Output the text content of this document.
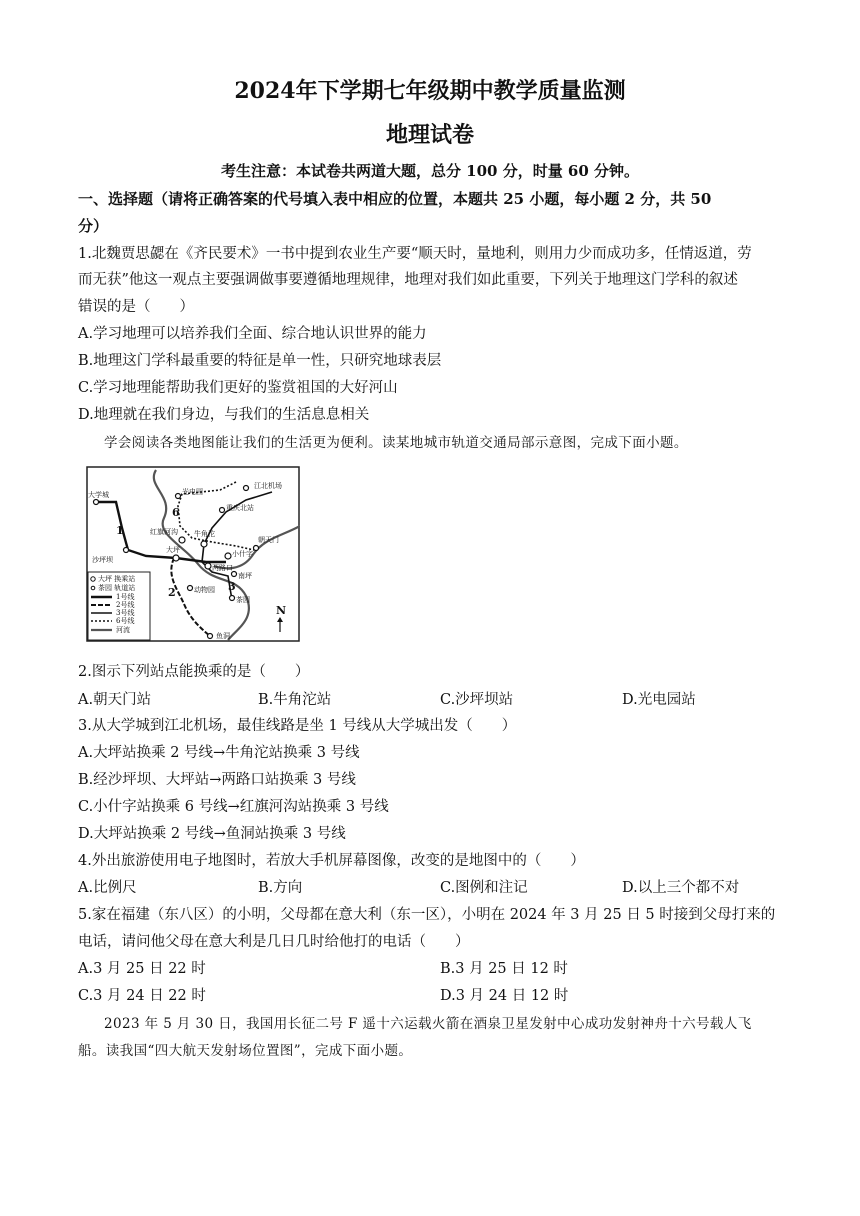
2024年下学期七年级期中教学质量监测
地理试卷
考生注意：本试卷共两道大题，总分 100 分，时量 60 分钟。
一、选择题（请将正确答案的代号填入表中相应的位置，本题共 25 小题，每小题 2 分，共 50
分）
1.北魏贾思勰在《齐民要术》一书中提到农业生产要“顺天时，量地利，则用力少而成功多，任情返道，劳
而无获”他这一观点主要强调做事要遵循地理规律，地理对我们如此重要，下列关于地理这门学科的叙述
错误的是（　　）
A.学习地理可以培养我们全面、综合地认识世界的能力
B.地理这门学科最重要的特征是单一性，只研究地球表层
C.学习地理能帮助我们更好的鉴赏祖国的大好河山
D.地理就在我们身边，与我们的生活息息相关
学会阅读各类地图能让我们的生活更为便利。读某地城市轨道交通局部示意图，完成下面小题。
大学城	光电园
江北机场
重庆北站
红旗河沟 牛角沱
朝天门
小什字
沙坪坝
大坪
两路口
南坪
茶园
动物园
鱼洞
1
6
3
2
大坪 换乘站
茶园 轨道站
1号线
2号线
3号线
6号线
河流
N
2.图示下列站点能换乘的是（　　）
A.朝天门站	B.牛角沱站	C.沙坪坝站	D.光电园站
3.从大学城到江北机场，最佳线路是坐 1 号线从大学城出发（　　）
A.大坪站换乘 2 号线→牛角沱站换乘 3 号线
B.经沙坪坝、大坪站→两路口站换乘 3 号线
C.小什字站换乘 6 号线→红旗河沟站换乘 3 号线
D.大坪站换乘 2 号线→鱼洞站换乘 3 号线
4.外出旅游使用电子地图时，若放大手机屏幕图像，改变的是地图中的（　　）
A.比例尺	B.方向	C.图例和注记	D.以上三个都不对
5.家在福建（东八区）的小明，父母都在意大利（东一区），小明在 2024 年 3 月 25 日 5 时接到父母打来的
电话，请问他父母在意大利是几日几时给他打的电话（　　）
A.3 月 25 日 22 时	B.3 月 25 日 12 时
C.3 月 24 日 22 时	D.3 月 24 日 12 时
2023 年 5 月 30 日，我国用长征二号 F 遥十六运载火箭在酒泉卫星发射中心成功发射神舟十六号载人飞
船。读我国“四大航天发射场位置图”，完成下面小题。
